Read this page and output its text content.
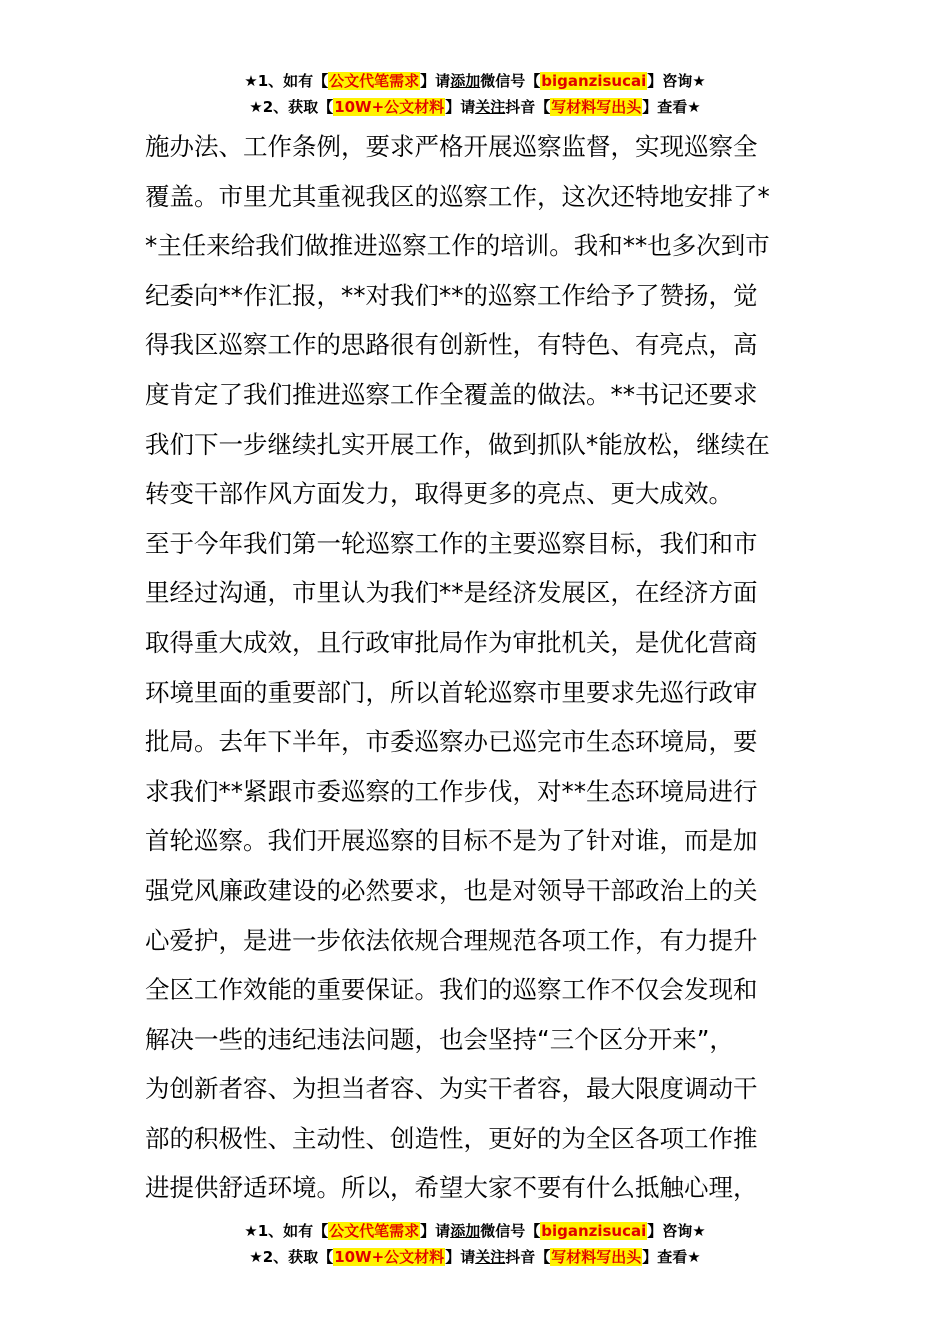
★1、如有【公文代笔需求】请添加微信号【biganzisucai】咨询★
★2、获取【10W+公文材料】请关注抖音【写材料写出头】查看★
施办法、工作条例，要求严格开展巡察监督，实现巡察全
覆盖。市里尤其重视我区的巡察工作，这次还特地安排了*
*主任来给我们做推进巡察工作的培训。我和**也多次到市
纪委向**作汇报，**对我们**的巡察工作给予了赞扬，觉
得我区巡察工作的思路很有创新性，有特色、有亮点，高
度肯定了我们推进巡察工作全覆盖的做法。**书记还要求
我们下一步继续扎实开展工作，做到抓队*能放松，继续在
转变干部作风方面发力，取得更多的亮点、更大成效。
至于今年我们第一轮巡察工作的主要巡察目标，我们和市
里经过沟通，市里认为我们**是经济发展区，在经济方面
取得重大成效，且行政审批局作为审批机关，是优化营商
环境里面的重要部门，所以首轮巡察市里要求先巡行政审
批局。去年下半年，市委巡察办已巡完市生态环境局，要
求我们**紧跟市委巡察的工作步伐，对**生态环境局进行
首轮巡察。我们开展巡察的目标不是为了针对谁，而是加
强党风廉政建设的必然要求，也是对领导干部政治上的关
心爱护，是进一步依法依规合理规范各项工作，有力提升
全区工作效能的重要保证。我们的巡察工作不仅会发现和
解决一些的违纪违法问题，也会坚持“三个区分开来”，
为创新者容、为担当者容、为实干者容，最大限度调动干
部的积极性、主动性、创造性，更好的为全区各项工作推
进提供舒适环境。所以，希望大家不要有什么抵触心理，
★1、如有【公文代笔需求】请添加微信号【biganzisucai】咨询★
★2、获取【10W+公文材料】请关注抖音【写材料写出头】查看★
